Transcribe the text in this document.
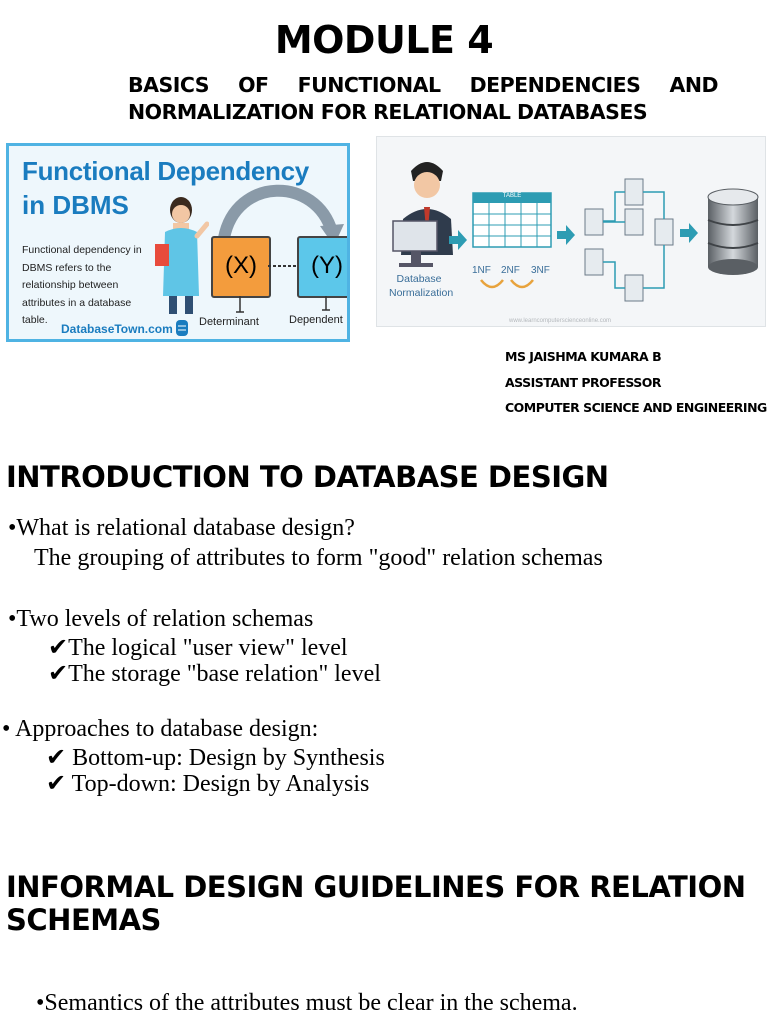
MODULE 4

BASICS OF FUNCTIONAL DEPENDENCIES AND
NORMALIZATION FOR RELATIONAL DATABASES

Functional Dependency
in DBMS
Functional dependency in DBMS refers to the relationship between attributes in a database table.
(X)	(Y)
Determinant	Dependent
DatabaseTown.com
Database Normalization
TABLE
1NF 2NF 3NF
www.learncomputerscienceonline.com

MS JAISHMA KUMARA B

ASSISTANT PROFESSOR

COMPUTER SCIENCE AND ENGINEERING

INTRODUCTION TO DATABASE DESIGN

•What is relational database design?

The grouping of attributes to form "good" relation schemas

•Two levels of relation schemas

✔The logical "user view" level

✔The storage "base relation" level

• Approaches to database design:

✔ Bottom-up: Design by Synthesis

✔ Top-down: Design by Analysis

INFORMAL DESIGN GUIDELINES FOR RELATION
SCHEMAS

•Semantics of the attributes must be clear in the schema.
